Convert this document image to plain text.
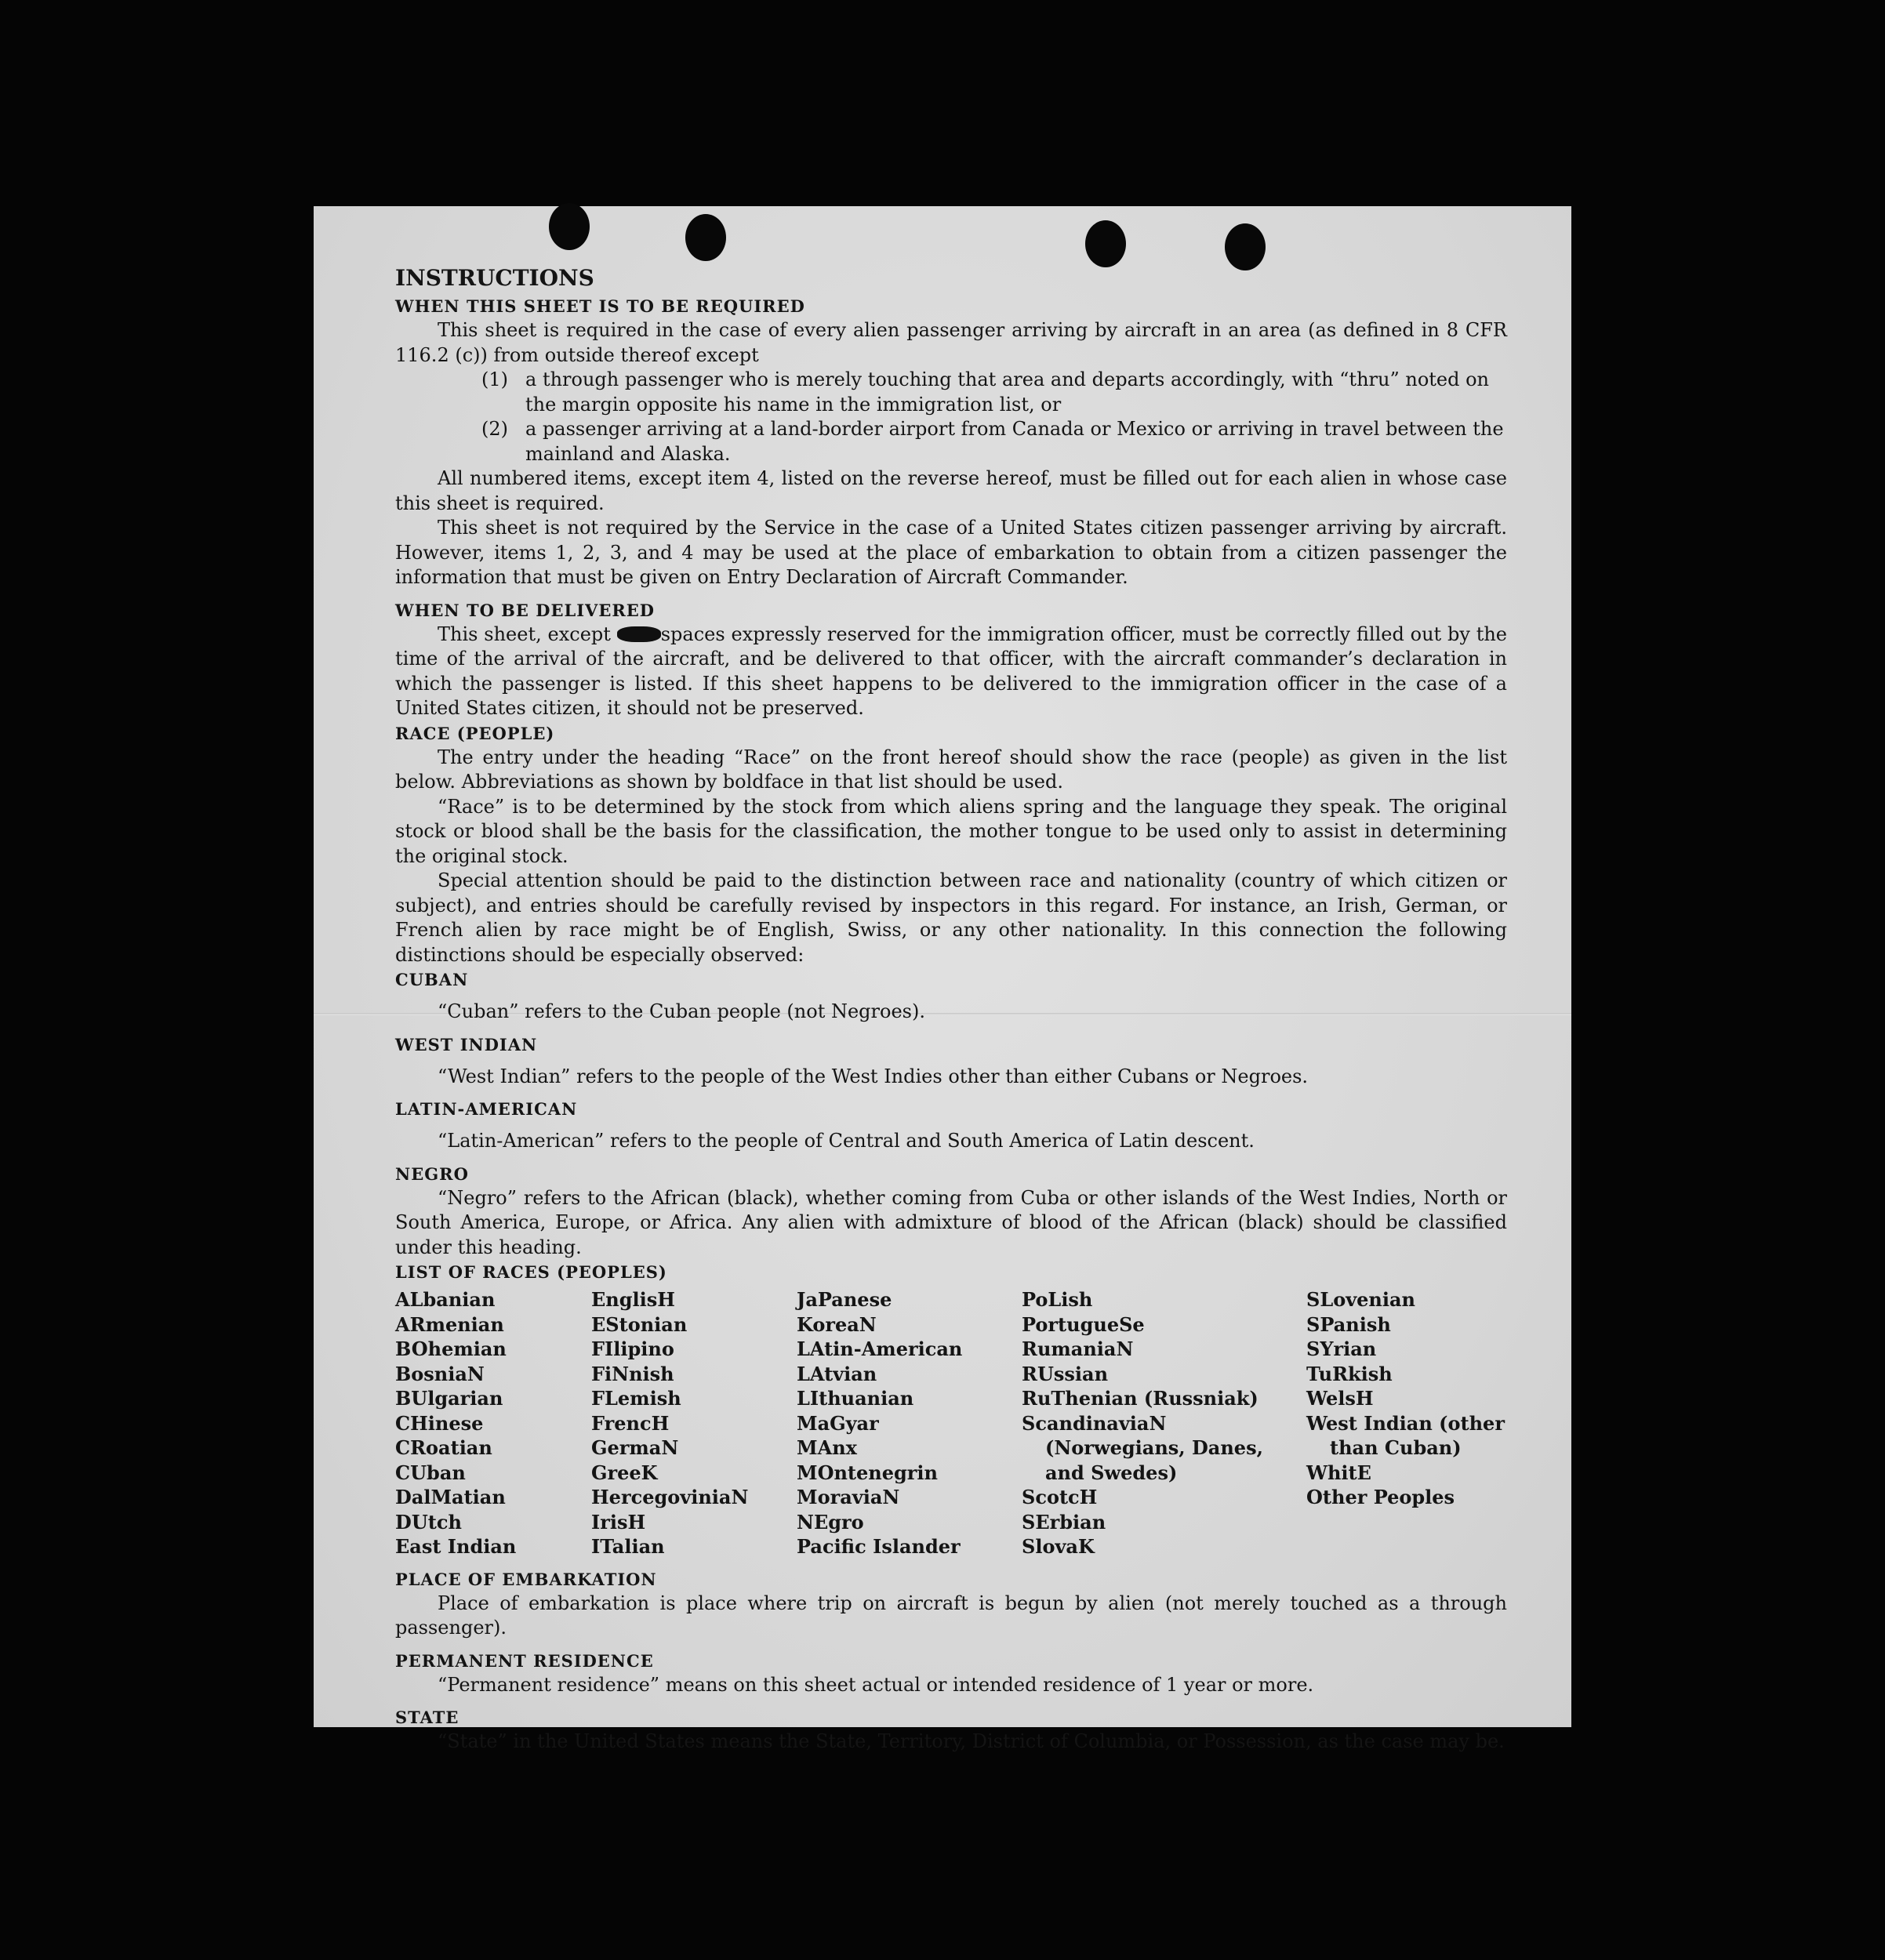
INSTRUCTIONS

WHEN THIS SHEET IS TO BE REQUIRED

This sheet is required in the case of every alien passenger arriving by aircraft in an area (as defined in 8 CFR 116.2 (c)) from outside thereof except

(1) a through passenger who is merely touching that area and departs accordingly, with “thru” noted on the margin opposite his name in the immigration list, or
(2) a passenger arriving at a land-border airport from Canada or Mexico or arriving in travel between the mainland and Alaska.

All numbered items, except item 4, listed on the reverse hereof, must be filled out for each alien in whose case this sheet is required.

This sheet is not required by the Service in the case of a United States citizen passenger arriving by aircraft. However, items 1, 2, 3, and 4 may be used at the place of embarkation to obtain from a citizen passenger the information that must be given on Entry Declaration of Aircraft Commander.

WHEN TO BE DELIVERED

This sheet, except	spaces expressly reserved for the immigration officer, must be correctly filled out by the time of the arrival of the aircraft, and be delivered to that officer, with the aircraft commander’s declaration in which the passenger is listed. If this sheet happens to be delivered to the immigration officer in the case of a United States citizen, it should not be preserved.

RACE (PEOPLE)

The entry under the heading “Race” on the front hereof should show the race (people) as given in the list below. Abbreviations as shown by boldface in that list should be used.

“Race” is to be determined by the stock from which aliens spring and the language they speak. The original stock or blood shall be the basis for the classification, the mother tongue to be used only to assist in determining the original stock.

Special attention should be paid to the distinction between race and nationality (country of which citizen or subject), and entries should be carefully revised by inspectors in this regard. For instance, an Irish, German, or French alien by race might be of English, Swiss, or any other nationality. In this connection the following distinctions should be especially observed:

CUBAN

“Cuban” refers to the Cuban people (not Negroes).

WEST INDIAN

“West Indian” refers to the people of the West Indies other than either Cubans or Negroes.

LATIN-AMERICAN

“Latin-American” refers to the people of Central and South America of Latin descent.

NEGRO

“Negro” refers to the African (black), whether coming from Cuba or other islands of the West Indies, North or South America, Europe, or Africa. Any alien with admixture of blood of the African (black) should be classified under this heading.

LIST OF RACES (PEOPLES)

ALbanian
ARmenian
BOhemian
BosniaN
BUlgarian
CHinese
CRoatian
CUban
DalMatian
DUtch
East Indian
EnglisH
EStonian
FIlipino
FiNnish
FLemish
FrencH
GermaN
GreeK
HercegoviniaN
IrisH
ITalian
JaPanese
KoreaN
LAtin-American
LAtvian
LIthuanian
MaGyar
MAnx
MOntenegrin
MoraviaN
NEgro
Pacific Islander
PoLish
PortugueSe
RumaniaN
RUssian
RuThenian (Russniak)
ScandinaviaN (Norwegians, Danes, and Swedes)
ScotcH
SErbian
SlovaK
SLovenian
SPanish
SYrian
TuRkish
WelsH
West Indian (other than Cuban)
WhitE
Other Peoples

PLACE OF EMBARKATION

Place of embarkation is place where trip on aircraft is begun by alien (not merely touched as a through passenger).

PERMANENT RESIDENCE

“Permanent residence” means on this sheet actual or intended residence of 1 year or more.

STATE

“State” in the United States means the State, Territory, District of Columbia, or Possession, as the case may be.
